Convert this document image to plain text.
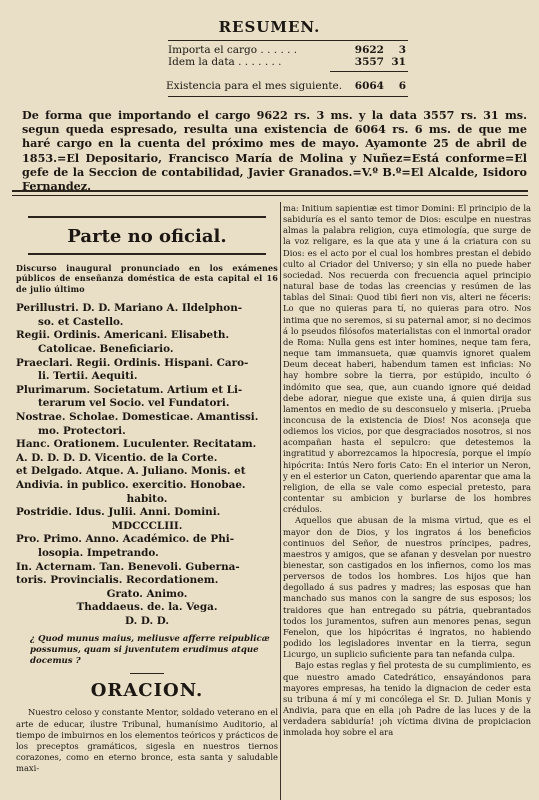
RESUMEN.
Importa el cargo . . . . . .	9622	3
Idem la data . . . . . . .	3557 31
Existencia para el mes siguiente.	6064	6
De forma que importando el cargo 9622 rs. 3 ms. y la data 3557 rs. 31 ms. segun queda espresado, resulta una existencia de 6064 rs. 6 ms. de que me haré cargo en la cuenta del próximo mes de mayo. Ayamonte 25 de abril de 1853.=El Depositario, Francisco María de Molina y Nuñez=Está conforme=El gefe de la Seccion de contabilidad, Javier Granados.=V.º B.º=El Alcalde, Isidoro Fernandez.
Parte no oficial.
Discurso inaugural pronunciado en los exámenes públicos de enseñanza doméstica de esta capital el 16 de julio último
Perillustri. D. D. Mariano A. Ildelphon-
so. et Castello.
Regii. Ordinis. Americani. Elisabeth.
Catolicae. Beneficiario.
Praeclari. Regii. Ordinis. Hispani. Caro-
li. Tertii. Aequiti.
Plurimarum. Societatum. Artium et Li-
terarum vel Socio. vel Fundatori.
Nostrae. Scholae. Domesticae. Amantissi.
mo. Protectori.
Hanc. Orationem. Luculenter. Recitatam.
A. D. D. D. D. Vicentio. de la Corte.
et Delgado. Atque. A. Juliano. Monis. et
Andivia. in publico. exercitio. Honobae.
habito.
Postridie. Idus. Julii. Anni. Domini.
MDCCCLIII.
Pro. Primo. Anno. Académico. de Phi-
losopia. Impetrando.
In. Acternam. Tan. Benevoli. Guberna-
toris. Provincialis. Recordationem.
Grato. Animo.
Thaddaeus. de. la. Vega.
D. D. D.
¿ Quod munus maius, meliusve afferre reipublicæ possumus, quam si juventutem erudimus atque docemus ?
ORACION.
Nuestro celoso y constante Mentor, soldado veterano en el arte de educar, ilustre Tribunal, humanísimo Auditorio, al tiempo de imbuirnos en los elementos teóricos y prácticos de los preceptos gramáticos, sigesla en nuestros tiernos corazones, como en eterno bronce, esta santa y saludable maxi-

ma: Initium sapientiæ est timor Domini: El principio de la sabiduría es el santo temor de Dios: esculpe en nuestras almas la palabra religion, cuya etimología, que surge de la voz religare, es la que ata y une á la criatura con su Dios: es el acto por el cual los hombres prestan el debido culto al Criador del Universo; y sin ella no puede haber sociedad. Nos recuerda con frecuencia aquel principio natural base de todas las creencias y resúmen de las tablas del Sinai: Quod tibi fieri non vis, alteri ne féceris: Lo que no quieras para tí, no quieras para otro. Nos intima que no seremos, si su paternal amor, si no decimos á lo pseudos filósofos materialistas con el inmortal orador de Roma: Nulla gens est inter homines, neque tam fera, neque tam immansueta, quæ quamvis ignoret qualem Deum deceat haberi, habendum tamen est inficias: No hay hombre sobre la tierra, por estúpido, inculto ó indómito que sea, que, aun cuando ignore qué deidad debe adorar, niegue que existe una, á quien dirija sus lamentos en medio de su desconsuelo y miseria. ¡Prueba inconcusa de la existencia de Dios! Nos aconseja que odiemos los vicios, por que desgraciados nosotros, si nos acompañan hasta el sepulcro: que detestemos la ingratitud y aborrezcamos la hipocresía, porque el impío hipócrita: Intús Nero foris Cato: En el interior un Neron, y en el esterior un Caton, queriendo aparentar que ama la religion, de ella se vale como especial pretesto, para contentar su ambicion y burlarse de los hombres crédulos.

Aquellos que abusan de la misma virtud, que es el mayor don de Dios, y los ingratos á los beneficios continuos del Señor, de nuestros príncipes, padres, maestros y amigos, que se afanan y desvelan por nuestro bienestar, son castigados en los infiernos, como los mas perversos de todos los hombres. Los hijos que han degollado á sus padres y madres; las esposas que han manchado sus manos con la sangre de sus esposos; los traidores que han entregado su pátria, quebrantados todos los juramentos, sufren aun menores penas, segun Fenelon, que los hipócritas é ingratos, no habiendo podido los legisladores inventar en la tierra, segun Licurgo, un suplicio suficiente para tan nefanda culpa.

Bajo estas reglas y fiel protesta de su cumplimiento, es que nuestro amado Catedrático, ensayándonos para mayores empresas, ha tenido la dignacion de ceder esta su tribuna á mí y mi concólega el Sr. D. Julian Monis y Andivia, para que en ella ¡oh Padre de las luces y de la verdadera sabiduría! ¡oh víctima divina de propiciacion inmolada hoy sobre el ara
